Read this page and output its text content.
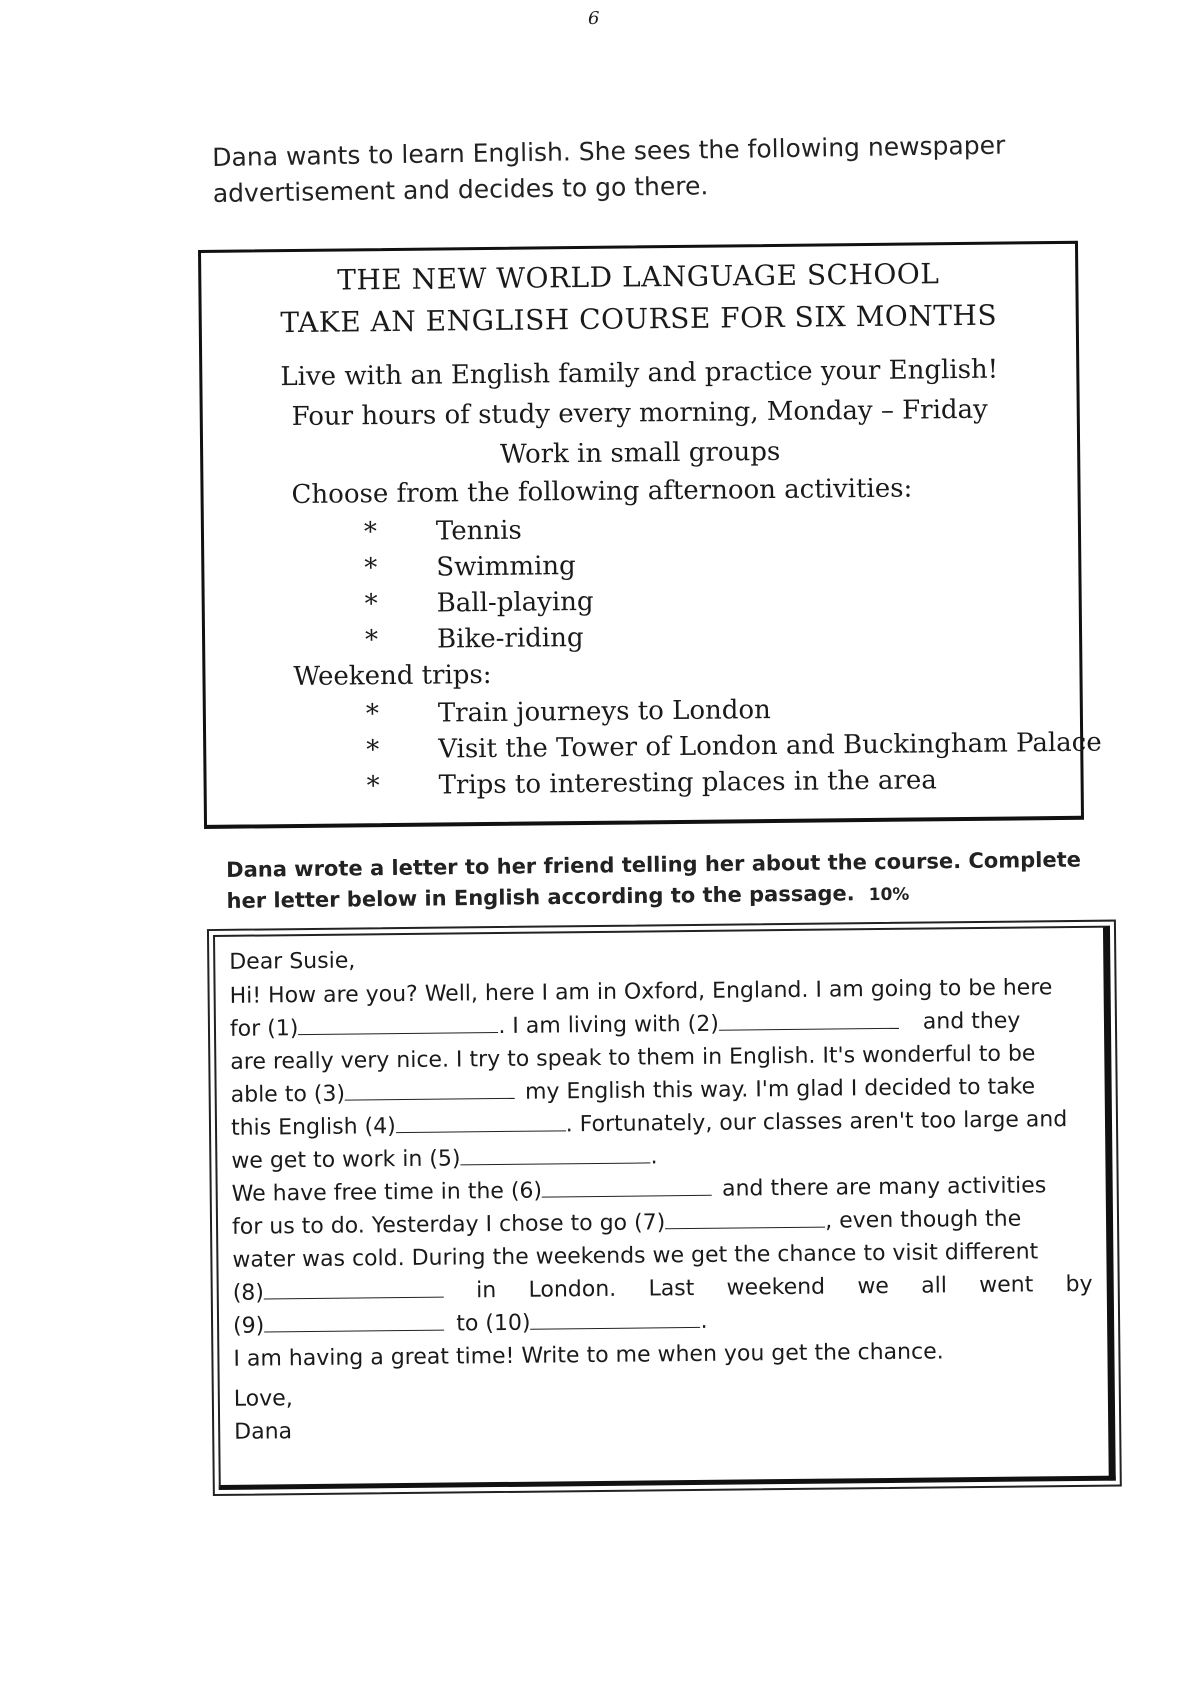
6
Dana wants to learn English. She sees the following newspaper advertisement and decides to go there.
THE NEW WORLD LANGUAGE SCHOOL
TAKE AN ENGLISH COURSE FOR SIX MONTHS
Live with an English family and practice your English!
Four hours of study every morning, Monday – Friday
Work in small groups
Choose from the following afternoon activities:
* Tennis
* Swimming
* Ball-playing
* Bike-riding
Weekend trips:
* Train journeys to London
* Visit the Tower of London and Buckingham Palace
* Trips to interesting places in the area
Dana wrote a letter to her friend telling her about the course. Complete her letter below in English according to the passage. 10%
Dear Susie,
Hi! How are you? Well, here I am in Oxford, England. I am going to be here
for (1)	. I am living with (2)	and they
are really very nice. I try to speak to them in English. It's wonderful to be
able to (3)	my English this way. I'm glad I decided to take
this English (4)	. Fortunately, our classes aren't too large and
we get to work in (5)	.
We have free time in the (6)	and there are many activities
for us to do. Yesterday I chose to go (7)	, even though the
water was cold. During the weekends we get the chance to visit different
(8)	in London. Last weekend we all went by
(9)	to (10)	.
I am having a great time! Write to me when you get the chance.
Love,
Dana
